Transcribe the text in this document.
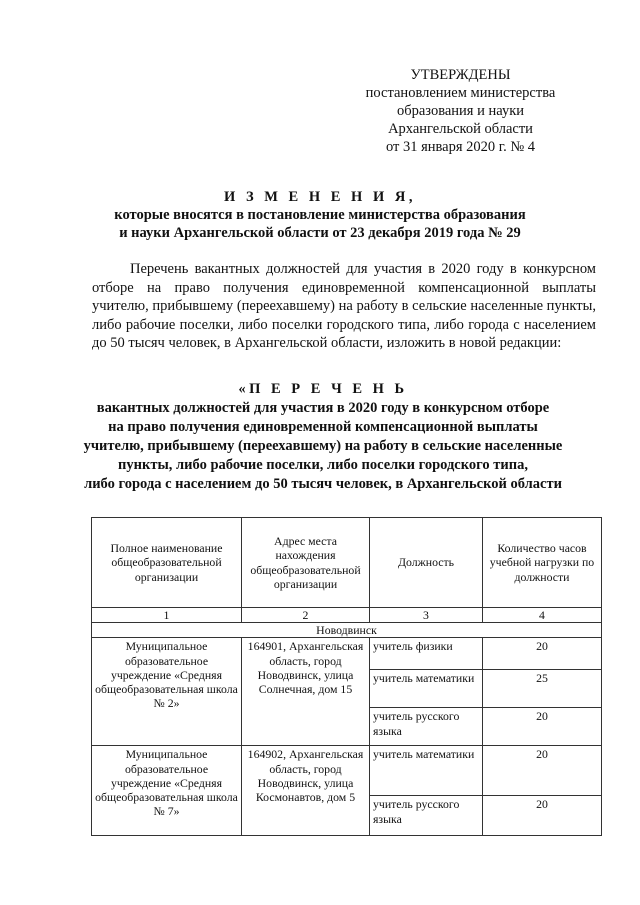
УТВЕРЖДЕНЫ
постановлением министерства
образования и науки
Архангельской области
от 31 января 2020 г. № 4
И З М Е Н Е Н И Я,
которые вносятся в постановление министерства образования
и науки Архангельской области от 23 декабря 2019 года № 29
Перечень вакантных должностей для участия в 2020 году в конкурсном отборе на право получения единовременной компенсационной выплаты учителю, прибывшему (переехавшему) на работу в сельские населенные пункты, либо рабочие поселки, либо поселки городского типа, либо города с населением до 50 тысяч человек, в Архангельской области, изложить в новой редакции:
«П Е Р Е Ч Е Н Ь
вакантных должностей для участия в 2020 году в конкурсном отборе
на право получения единовременной компенсационной выплаты
учителю, прибывшему (переехавшему) на работу в сельские населенные
пункты, либо рабочие поселки, либо поселки городского типа,
либо города с населением до 50 тысяч человек, в Архангельской области
Полное наименование общеобразовательной организации	Адрес места нахождения общеобразовательной организации	Должность	Количество часов учебной нагрузки по должности
1	2	3	4
Новодвинск			
Муниципальное образовательное учреждение «Средняя общеобразовательная школа № 2»	164901, Архангельская область, город Новодвинск, улица Солнечная, дом 15	учитель физики	20
		учитель математики	25
		учитель русского языка	20
Муниципальное образовательное учреждение «Средняя общеобразовательная школа № 7»	164902, Архангельская область, город Новодвинск, улица Космонавтов, дом 5	учитель математики	20
		учитель русского языка	20
